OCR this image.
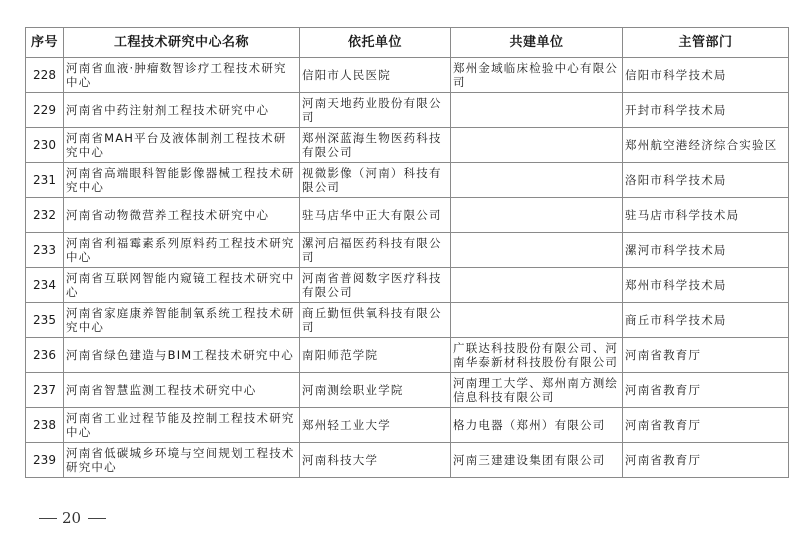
序号	工程技术研究中心名称	依托单位	共建单位	主管部门
228	河南省血液·肿瘤数智诊疗工程技术研究中心	信阳市人民医院	郑州金域临床检验中心有限公司	信阳市科学技术局
229	河南省中药注射剂工程技术研究中心	河南天地药业股份有限公司		开封市科学技术局
230	河南省MAH平台及液体制剂工程技术研究中心	郑州深蓝海生物医药科技有限公司		郑州航空港经济综合实验区
231	河南省高端眼科智能影像器械工程技术研究中心	视微影像（河南）科技有限公司		洛阳市科学技术局
232	河南省动物微营养工程技术研究中心	驻马店华中正大有限公司		驻马店市科学技术局
233	河南省利福霉素系列原料药工程技术研究中心	漯河启福医药科技有限公司		漯河市科学技术局
234	河南省互联网智能内窥镜工程技术研究中心	河南省普阅数字医疗科技有限公司		郑州市科学技术局
235	河南省家庭康养智能制氧系统工程技术研究中心	商丘勤恒供氧科技有限公司		商丘市科学技术局
236	河南省绿色建造与BIM工程技术研究中心	南阳师范学院	广联达科技股份有限公司、河南华泰新材科技股份有限公司	河南省教育厅
237	河南省智慧监测工程技术研究中心	河南测绘职业学院	河南理工大学、郑州南方测绘信息科技有限公司	河南省教育厅
238	河南省工业过程节能及控制工程技术研究中心	郑州轻工业大学	格力电器（郑州）有限公司	河南省教育厅
239	河南省低碳城乡环境与空间规划工程技术研究中心	河南科技大学	河南三建建设集团有限公司	河南省教育厅
20
